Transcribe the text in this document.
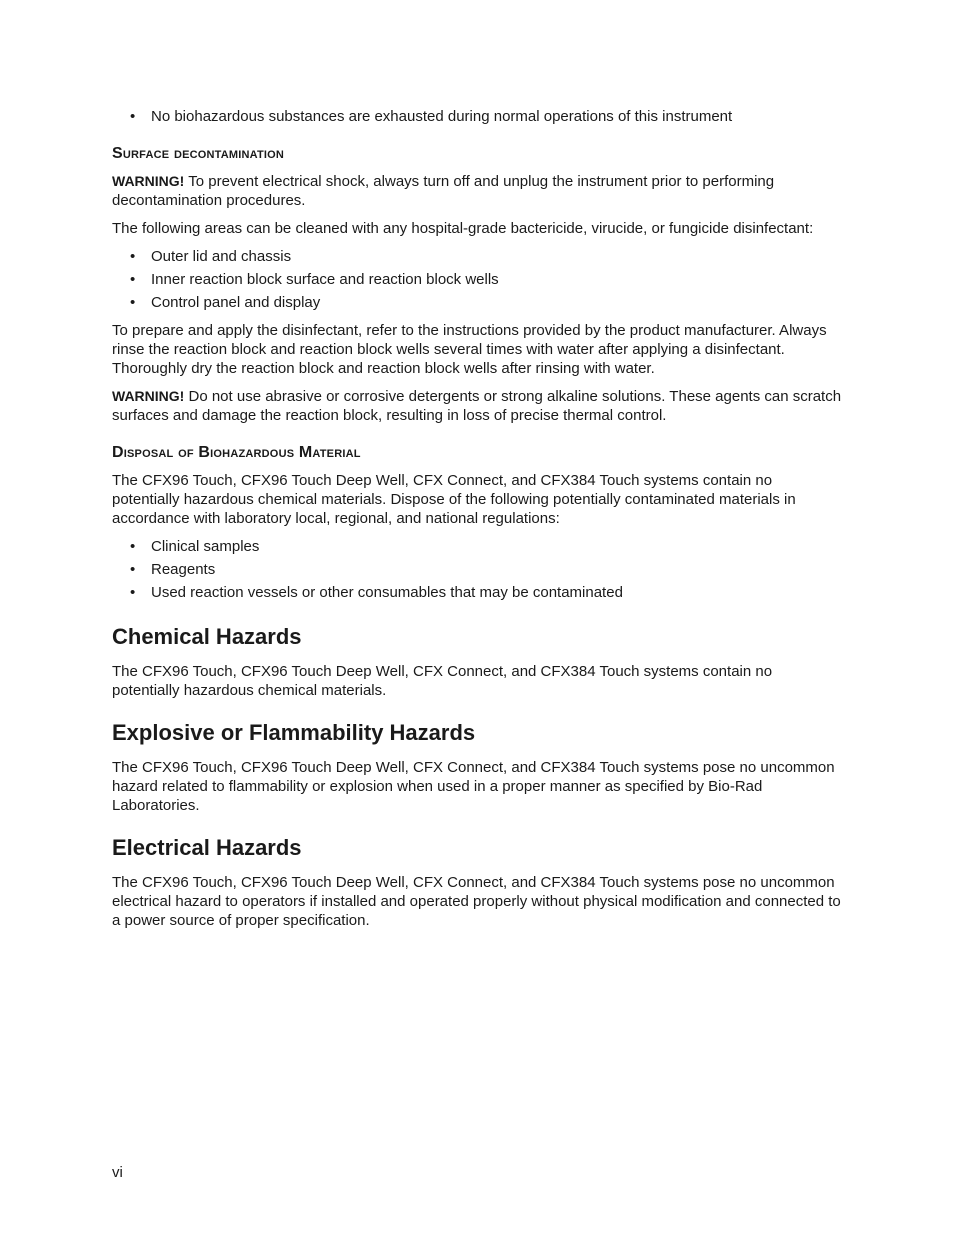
• No biohazardous substances are exhausted during normal operations of this instrument
Surface decontamination

WARNING! To prevent electrical shock, always turn off and unplug the instrument prior to performing decontamination procedures.

The following areas can be cleaned with any hospital-grade bactericide, virucide, or fungicide disinfectant:

• Outer lid and chassis
• Inner reaction block surface and reaction block wells
• Control panel and display

To prepare and apply the disinfectant, refer to the instructions provided by the product manufacturer. Always rinse the reaction block and reaction block wells several times with water after applying a disinfectant. Thoroughly dry the reaction block and reaction block wells after rinsing with water.

WARNING! Do not use abrasive or corrosive detergents or strong alkaline solutions. These agents can scratch surfaces and damage the reaction block, resulting in loss of precise thermal control.

Disposal of Biohazardous Material

The CFX96 Touch, CFX96 Touch Deep Well, CFX Connect, and CFX384 Touch systems contain no potentially hazardous chemical materials. Dispose of the following potentially contaminated materials in accordance with laboratory local, regional, and national regulations:

• Clinical samples
• Reagents
• Used reaction vessels or other consumables that may be contaminated
Chemical Hazards

The CFX96 Touch, CFX96 Touch Deep Well, CFX Connect, and CFX384 Touch systems contain no potentially hazardous chemical materials.

Explosive or Flammability Hazards

The CFX96 Touch, CFX96 Touch Deep Well, CFX Connect, and CFX384 Touch systems pose no uncommon hazard related to flammability or explosion when used in a proper manner as specified by Bio-Rad Laboratories.

Electrical Hazards

The CFX96 Touch, CFX96 Touch Deep Well, CFX Connect, and CFX384 Touch systems pose no uncommon electrical hazard to operators if installed and operated properly without physical modification and connected to a power source of proper specification.

vi
